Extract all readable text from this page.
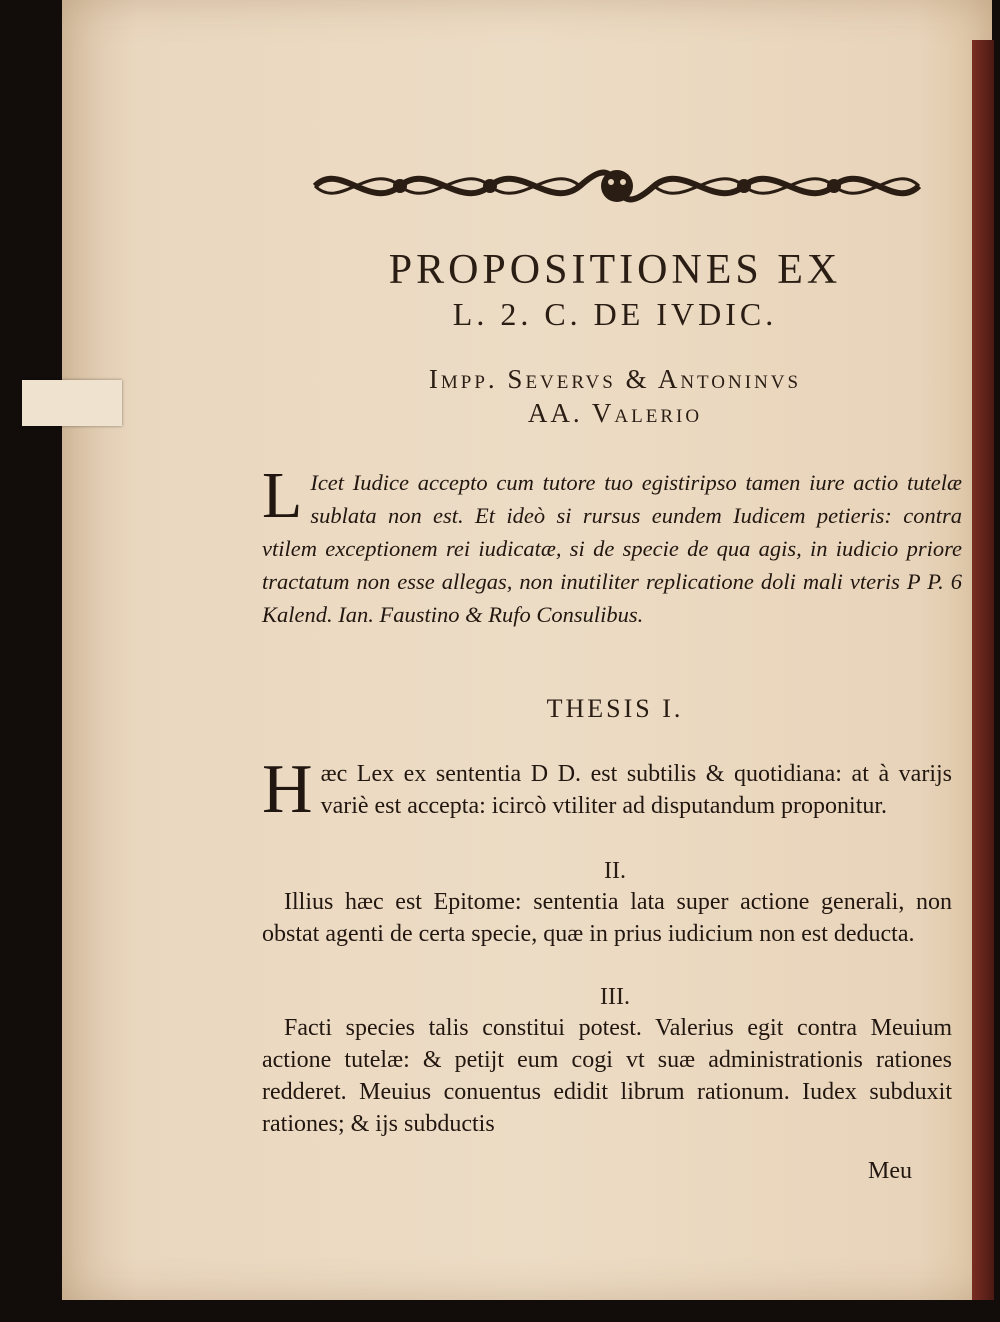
PROPOSITIONES EX
L. 2. C. DE IVDIC.
Impp. Severvs & Antoninvs
AA. Valerio

L Icet Iudice accepto cum tutore tuo egistiripso tamen iure actio tutelæ sublata non est. Et ideò si rursus eundem Iudicem petieris: contra vtilem exceptionem rei iudicatæ, si de specie de qua agis, in iudicio priore tractatum non esse allegas, non inutiliter replicatione doli mali vteris P P. 6 Kalend. Ian. Faustino & Rufo Consulibus.

THESIS I.

Hæc Lex ex sententia D D. est subtilis & quotidiana: at à varijs variè est accepta: icircò vtiliter ad disputandum proponitur.

II.

Illius hæc est Epitome: sententia lata super actione generali, non obstat agenti de certa specie, quæ in prius iudicium non est deducta.

III.

Facti species talis constitui potest. Valerius egit contra Meuium actione tutelæ: & petijt eum cogi vt suæ administrationis rationes redderet. Meuius conuentus edidit librum rationum. Iudex subduxit rationes; & ijs subductis

Meu
